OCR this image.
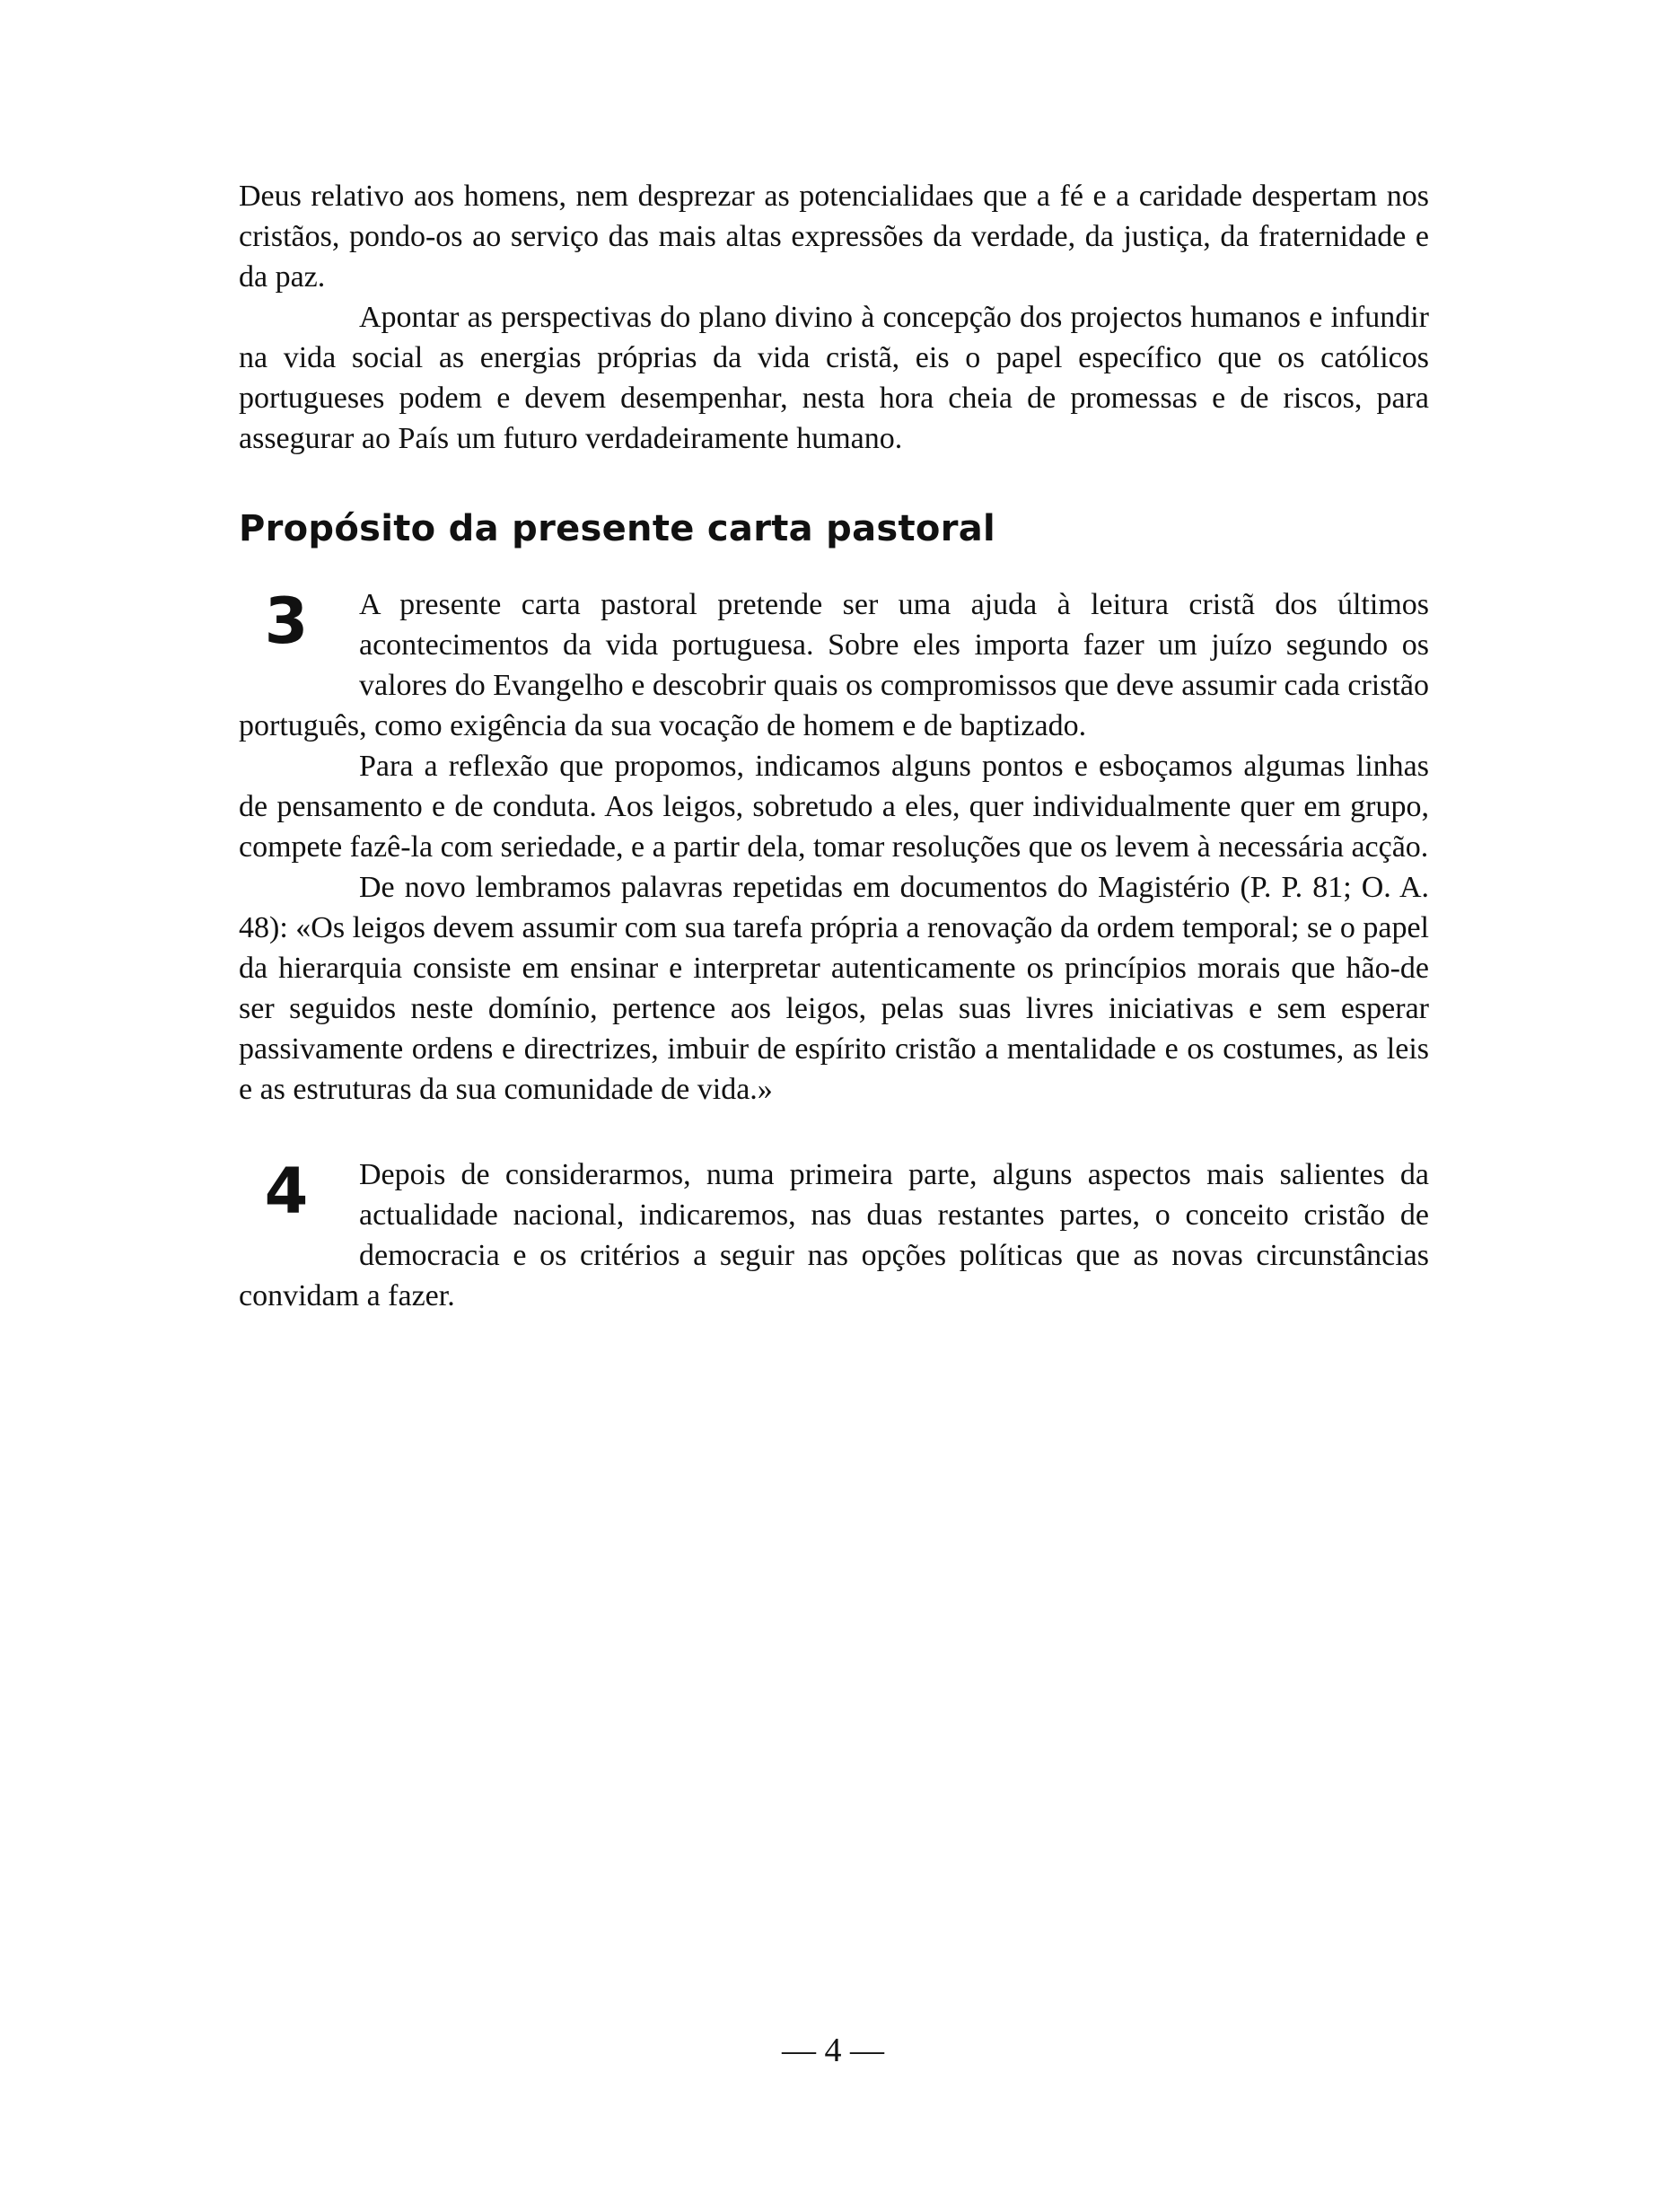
Deus relativo aos homens, nem desprezar as potencialidaes que a fé e a caridade despertam nos cristãos, pondo-os ao serviço das mais altas expressões da verdade, da justiça, da fraternidade e da paz.

Apontar as perspectivas do plano divino à concepção dos projectos humanos e infundir na vida social as energias próprias da vida cristã, eis o papel específico que os católicos portugueses podem e devem desempenhar, nesta hora cheia de promessas e de riscos, para assegurar ao País um futuro verdadeiramente humano.

Propósito da presente carta pastoral
3	A presente carta pastoral pretende ser uma ajuda à leitura cristã dos últimos acontecimentos da vida portuguesa. Sobre eles importa fazer um juízo segundo os valores do Evangelho e descobrir quais os compromissos que deve assumir cada cristão português, como exigência da sua vocação de homem e de baptizado.

Para a reflexão que propomos, indicamos alguns pontos e esboçamos algumas linhas de pensamento e de conduta. Aos leigos, sobretudo a eles, quer individualmente quer em grupo, compete fazê-la com seriedade, e a partir dela, tomar resoluções que os levem à necessária acção.

De novo lembramos palavras repetidas em documentos do Magistério (P. P. 81; O. A. 48): «Os leigos devem assumir com sua tarefa própria a renovação da ordem temporal; se o papel da hierarquia consiste em ensinar e interpretar autenticamente os princípios morais que hão-de ser seguidos neste domínio, pertence aos leigos, pelas suas livres iniciativas e sem esperar passivamente ordens e directrizes, imbuir de espírito cristão a mentalidade e os costumes, as leis e as estruturas da sua comunidade de vida.»

4	Depois de considerarmos, numa primeira parte, alguns aspectos mais salientes da actualidade nacional, indicaremos, nas duas restantes partes, o conceito cristão de democracia e os critérios a seguir nas opções políticas que as novas circunstâncias convidam a fazer.

— 4 —
